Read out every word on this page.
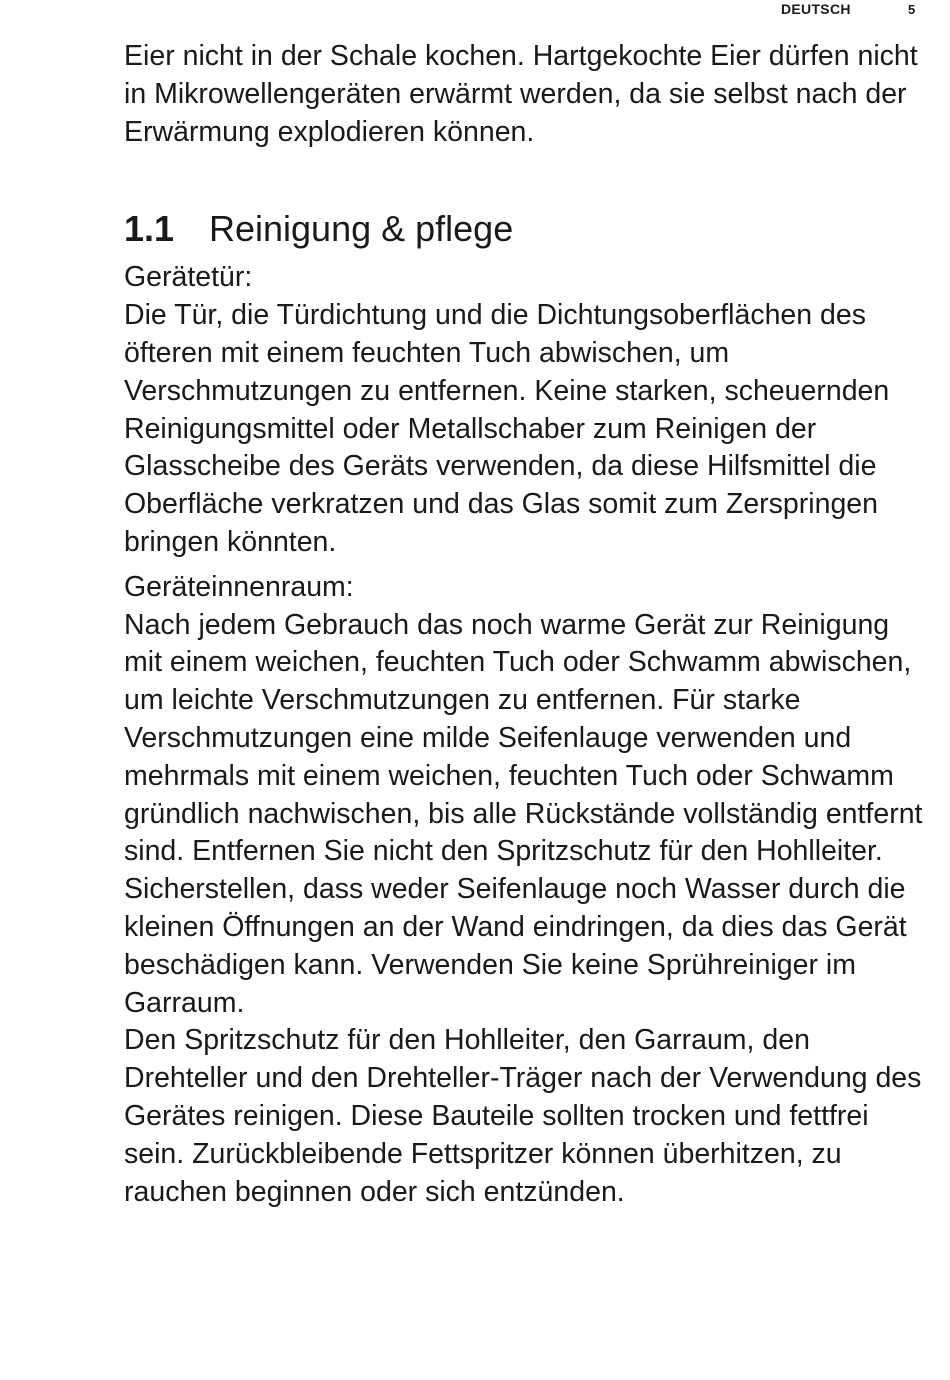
DEUTSCH	5

Eier nicht in der Schale kochen. Hartgekochte Eier dürfen nicht in Mikrowellengeräten erwärmt werden, da sie selbst nach der Erwärmung explodieren können.

1.1 Reinigung & pflege

Gerätetür:

Die Tür, die Türdichtung und die Dichtungsoberflächen des öfteren mit einem feuchten Tuch abwischen, um Verschmutzungen zu entfernen. Keine starken, scheuernden Reinigungsmittel oder Metallschaber zum Reinigen der Glasscheibe des Geräts verwenden, da diese Hilfsmittel die Oberfläche verkratzen und das Glas somit zum Zerspringen bringen könnten.

Geräteinnenraum:

Nach jedem Gebrauch das noch warme Gerät zur Reinigung mit einem weichen, feuchten Tuch oder Schwamm abwischen, um leichte Verschmutzungen zu entfernen. Für starke Verschmutzungen eine milde Seifenlauge verwenden und mehrmals mit einem weichen, feuchten Tuch oder Schwamm gründlich nachwischen, bis alle Rückstände vollständig entfernt sind. Entfernen Sie nicht den Spritzschutz für den Hohlleiter. Sicherstellen, dass weder Seifenlauge noch Wasser durch die kleinen Öffnungen an der Wand eindringen, da dies das Gerät beschädigen kann. Verwenden Sie keine Sprühreiniger im Garraum.

Den Spritzschutz für den Hohlleiter, den Garraum, den Drehteller und den Drehteller-Träger nach der Verwendung des Gerätes reinigen. Diese Bauteile sollten trocken und fettfrei sein. Zurückbleibende Fettspritzer können überhitzen, zu rauchen beginnen oder sich entzünden.
